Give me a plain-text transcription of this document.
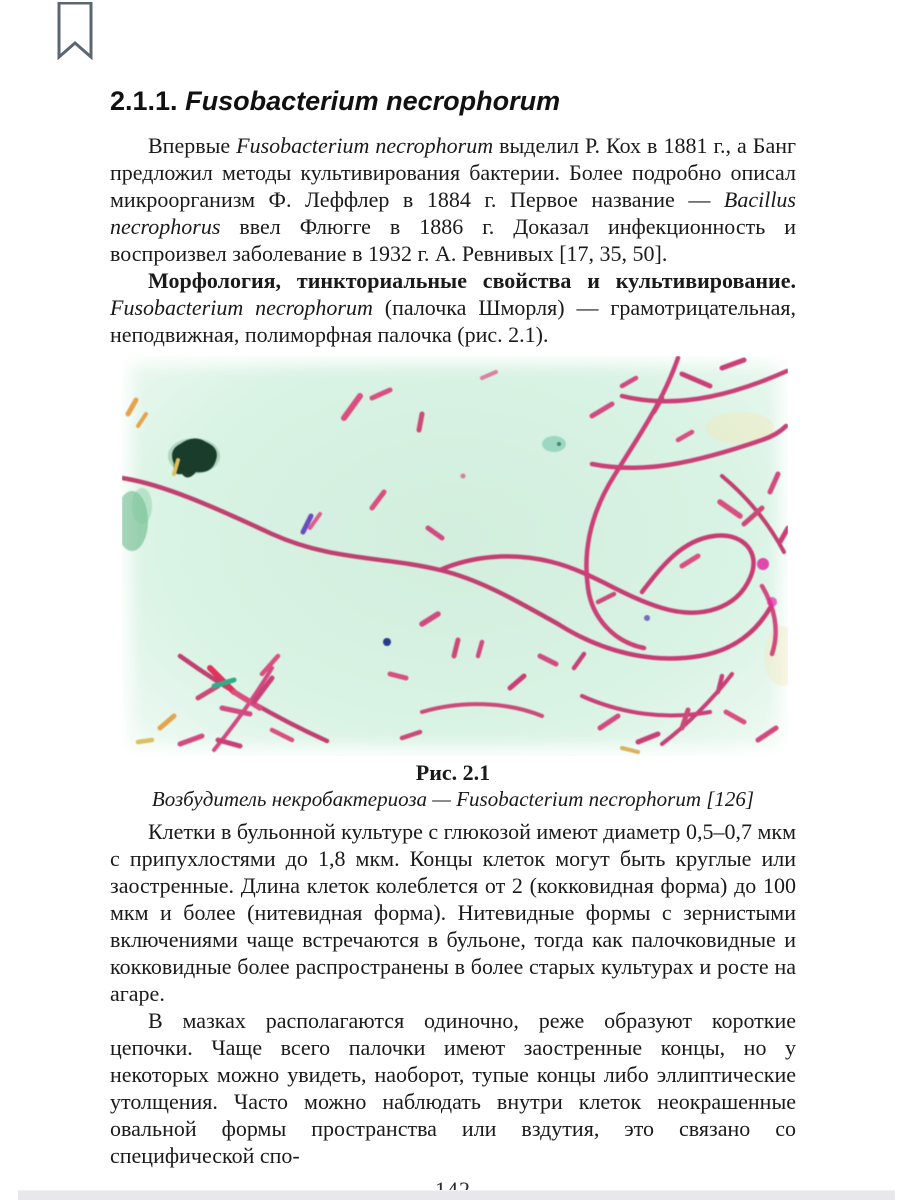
2.1.1. Fusobacterium necrophorum

Впервые Fusobacterium necrophorum выделил Р. Кох в 1881 г., а Банг предложил методы культивирования бактерии. Более подробно описал микроорганизм Ф. Леффлер в 1884 г. Первое название — Bacillus necrophorus ввел Флюгге в 1886 г. Доказал инфекционность и воспроизвел заболевание в 1932 г. А. Ревнивых [17, 35, 50].

Морфология, тинкториальные свойства и культивирование. Fusobacterium necrophorum (палочка Шморля) — грамотрицательная, неподвижная, полиморфная палочка (рис. 2.1).

Рис. 2.1

Возбудитель некробактериоза — Fusobacterium necrophorum [126]

Клетки в бульонной культуре с глюкозой имеют диаметр 0,5–0,7 мкм с припухлостями до 1,8 мкм. Концы клеток могут быть круглые или заостренные. Длина клеток колеблется от 2 (кокковидная форма) до 100 мкм и более (нитевидная форма). Нитевидные формы с зернистыми включениями чаще встречаются в бульоне, тогда как палочковидные и кокковидные более распространены в более старых культурах и росте на агаре.

В мазках располагаются одиночно, реже образуют короткие цепочки. Чаще всего палочки имеют заостренные концы, но у некоторых можно увидеть, наоборот, тупые концы либо эллиптические утолщения. Часто можно наблюдать внутри клеток неокрашенные овальной формы пространства или вздутия, это связано со специфической спо-
